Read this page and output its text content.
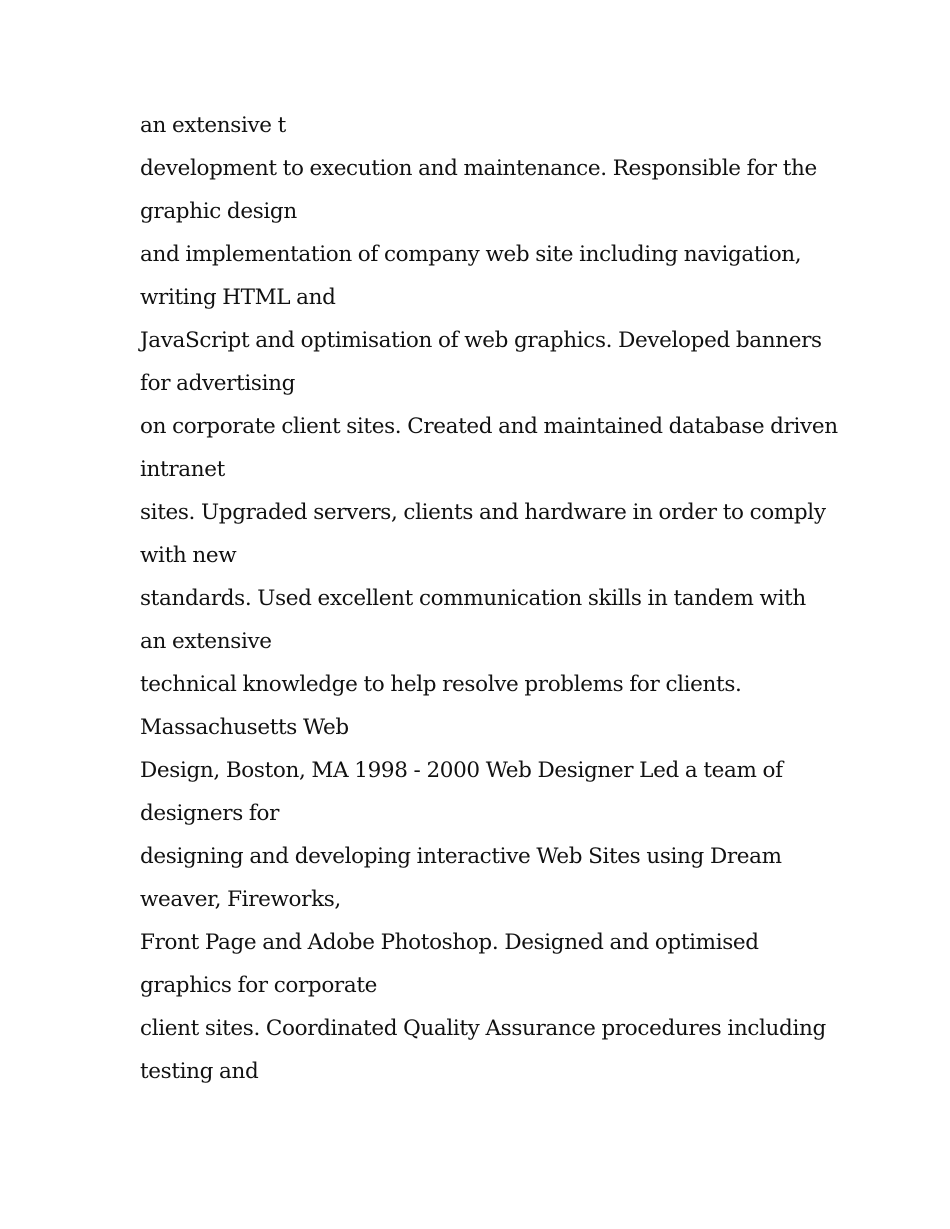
an extensive t
development to execution and maintenance. Responsible for the
graphic design
and implementation of company web site including navigation,
writing HTML and
JavaScript and optimisation of web graphics. Developed banners
for advertising
on corporate client sites. Created and maintained database driven
intranet
sites. Upgraded servers, clients and hardware in order to comply
with new
standards. Used excellent communication skills in tandem with
an extensive
technical knowledge to help resolve problems for clients.
Massachusetts Web
Design, Boston, MA 1998 - 2000 Web Designer Led a team of
designers for
designing and developing interactive Web Sites using Dream
weaver, Fireworks,
Front Page and Adobe Photoshop. Designed and optimised
graphics for corporate
client sites. Coordinated Quality Assurance procedures including
testing and
